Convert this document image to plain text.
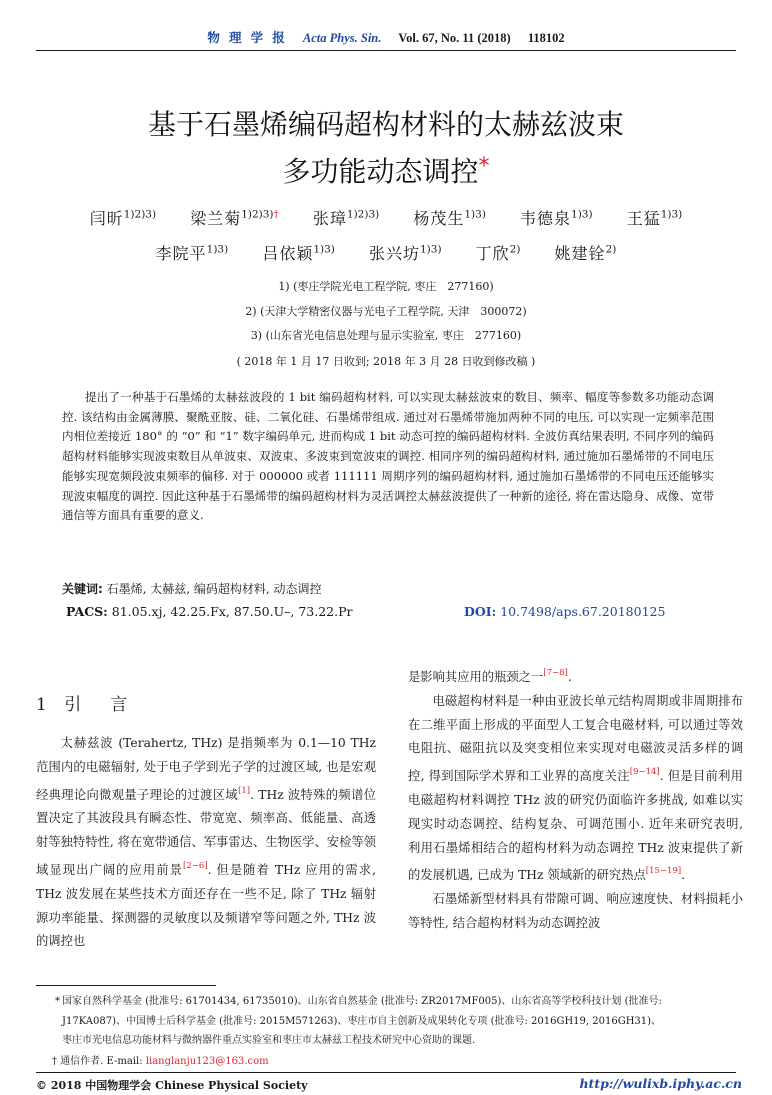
物 理 学 报 Acta Phys. Sin. Vol. 67, No. 11 (2018) 118102
基于石墨烯编码超构材料的太赫兹波束
多功能动态调控*
闫昕$^{1)2)3)}$ 梁兰菊$^{1)2)3)\dagger}$ 张璋$^{1)2)3)}$ 杨茂生$^{1)3)}$ 韦德泉$^{1)3)}$ 王猛$^{1)3)}$
李院平$^{1)3)}$ 吕依颖$^{1)3)}$ 张兴坊$^{1)3)}$ 丁欣$^{2)}$ 姚建铨$^{2)}$
1) (枣庄学院光电工程学院, 枣庄　277160)
2) (天津大学精密仪器与光电子工程学院, 天津　300072)
3) (山东省光电信息处理与显示实验室, 枣庄　277160)
( 2018 年 1 月 17 日收到; 2018 年 3 月 28 日收到修改稿 )
提出了一种基于石墨烯的太赫兹波段的 1 bit 编码超构材料, 可以实现太赫兹波束的数目、频率、幅度等参数多功能动态调控. 该结构由金属薄膜、聚酰亚胺、硅、二氧化硅、石墨烯带组成. 通过对石墨烯带施加两种不同的电压, 可以实现一定频率范围内相位差接近 180° 的 “0” 和 “1” 数字编码单元, 进而构成 1 bit 动态可控的编码超构材料. 全波仿真结果表明, 不同序列的编码超构材料能够实现波束数目从单波束、双波束、多波束到宽波束的调控. 相同序列的编码超构材料, 通过施加石墨烯带的不同电压能够实现宽频段波束频率的偏移. 对于 000000 或者 111111 周期序列的编码超构材料, 通过施加石墨烯带的不同电压还能够实现波束幅度的调控. 因此这种基于石墨烯带的编码超构材料为灵活调控太赫兹波提供了一种新的途径, 将在雷达隐身、成像、宽带通信等方面具有重要的意义.
关键词: 石墨烯, 太赫兹, 编码超构材料, 动态调控
PACS: 81.05.xj, 42.25.Fx, 87.50.U–, 73.22.Pr	DOI: 10.7498/aps.67.20180125
1 引　言
太赫兹波 (Terahertz, THz) 是指频率为 0.1—10 THz 范围内的电磁辐射, 处于电子学到光子学的过渡区域, 也是宏观经典理论向微观量子理论的过渡区域[1]. THz 波特殊的频谱位置决定了其波段具有瞬态性、带宽宽、频率高、低能量、高透射等独特特性, 将在宽带通信、军事雷达、生物医学、安检等领域显现出广阔的应用前景[2−6]. 但是随着 THz 应用的需求, THz 波发展在某些技术方面还存在一些不足, 除了 THz 辐射源功率能量、探测器的灵敏度以及频谱窄等问题之外, THz 波的调控也

是影响其应用的瓶颈之一[7−8].

电磁超构材料是一种由亚波长单元结构周期或非周期排布在二维平面上形成的平面型人工复合电磁材料, 可以通过等效电阻抗、磁阻抗以及突变相位来实现对电磁波灵活多样的调控, 得到国际学术界和工业界的高度关注[9−14]. 但是目前利用电磁超构材料调控 THz 波的研究仍面临许多挑战, 如难以实现实时动态调控、结构复杂、可调范围小. 近年来研究表明, 利用石墨烯相结合的超构材料为动态调控 THz 波束提供了新的发展机遇, 已成为 THz 领域新的研究热点[15−19].

石墨烯新型材料具有带隙可调、响应速度快、材料损耗小等特性, 结合超构材料为动态调控波

* 国家自然科学基金 (批准号: 61701434, 61735010)、山东省自然基金 (批准号: ZR2017MF005)、山东省高等学校科技计划 (批准号:
J17KA087)、中国博士后科学基金 (批准号: 2015M571263)、枣庄市自主创新及成果转化专项 (批准号: 2016GH19, 2016GH31)、
枣庄市光电信息功能材料与微纳器件重点实验室和枣庄市太赫兹工程技术研究中心资助的课题.
† 通信作者. E-mail: lianglanju123@163.com
© 2018 中国物理学会 Chinese Physical Society	http://wulixb.iphy.ac.cn
